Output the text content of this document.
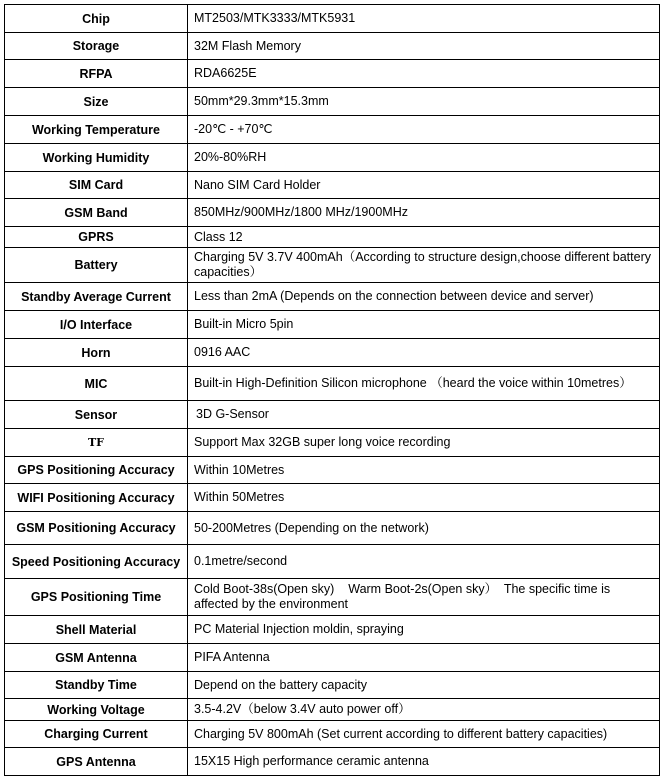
Chip	MT2503/MTK3333/MTK5931
Storage	32M Flash Memory
RFPA	RDA6625E
Size	50mm*29.3mm*15.3mm
Working Temperature	-20℃ - +70℃
Working Humidity	20%-80%RH
SIM Card	Nano SIM Card Holder
GSM Band	850MHz/900MHz/1800 MHz/1900MHz
GPRS	Class 12
Battery	Charging 5V 3.7V 400mAh（According to structure design,choose different battery capacities）
Standby Average Current	Less than 2mA (Depends on the connection between device and server)
I/O Interface	Built-in Micro 5pin
Horn	0916 AAC
MIC	Built-in High-Definition Silicon microphone （heard the voice within 10metres）
Sensor	3D G-Sensor
TF	Support Max 32GB super long voice recording
GPS Positioning Accuracy	Within 10Metres
WIFI Positioning Accuracy	Within 50Metres
GSM Positioning Accuracy	50-200Metres (Depending on the network)
Speed Positioning Accuracy	0.1metre/second
GPS Positioning Time	Cold Boot-38s(Open sky)    Warm Boot-2s(Open sky）  The specific time is affected by the environment
Shell Material	PC Material Injection moldin, spraying
GSM Antenna	PIFA Antenna
Standby Time	Depend on the battery capacity
Working Voltage	3.5-4.2V（below 3.4V auto power off）
Charging Current	Charging 5V 800mAh (Set current according to different battery capacities)
GPS Antenna	15X15 High performance ceramic antenna
